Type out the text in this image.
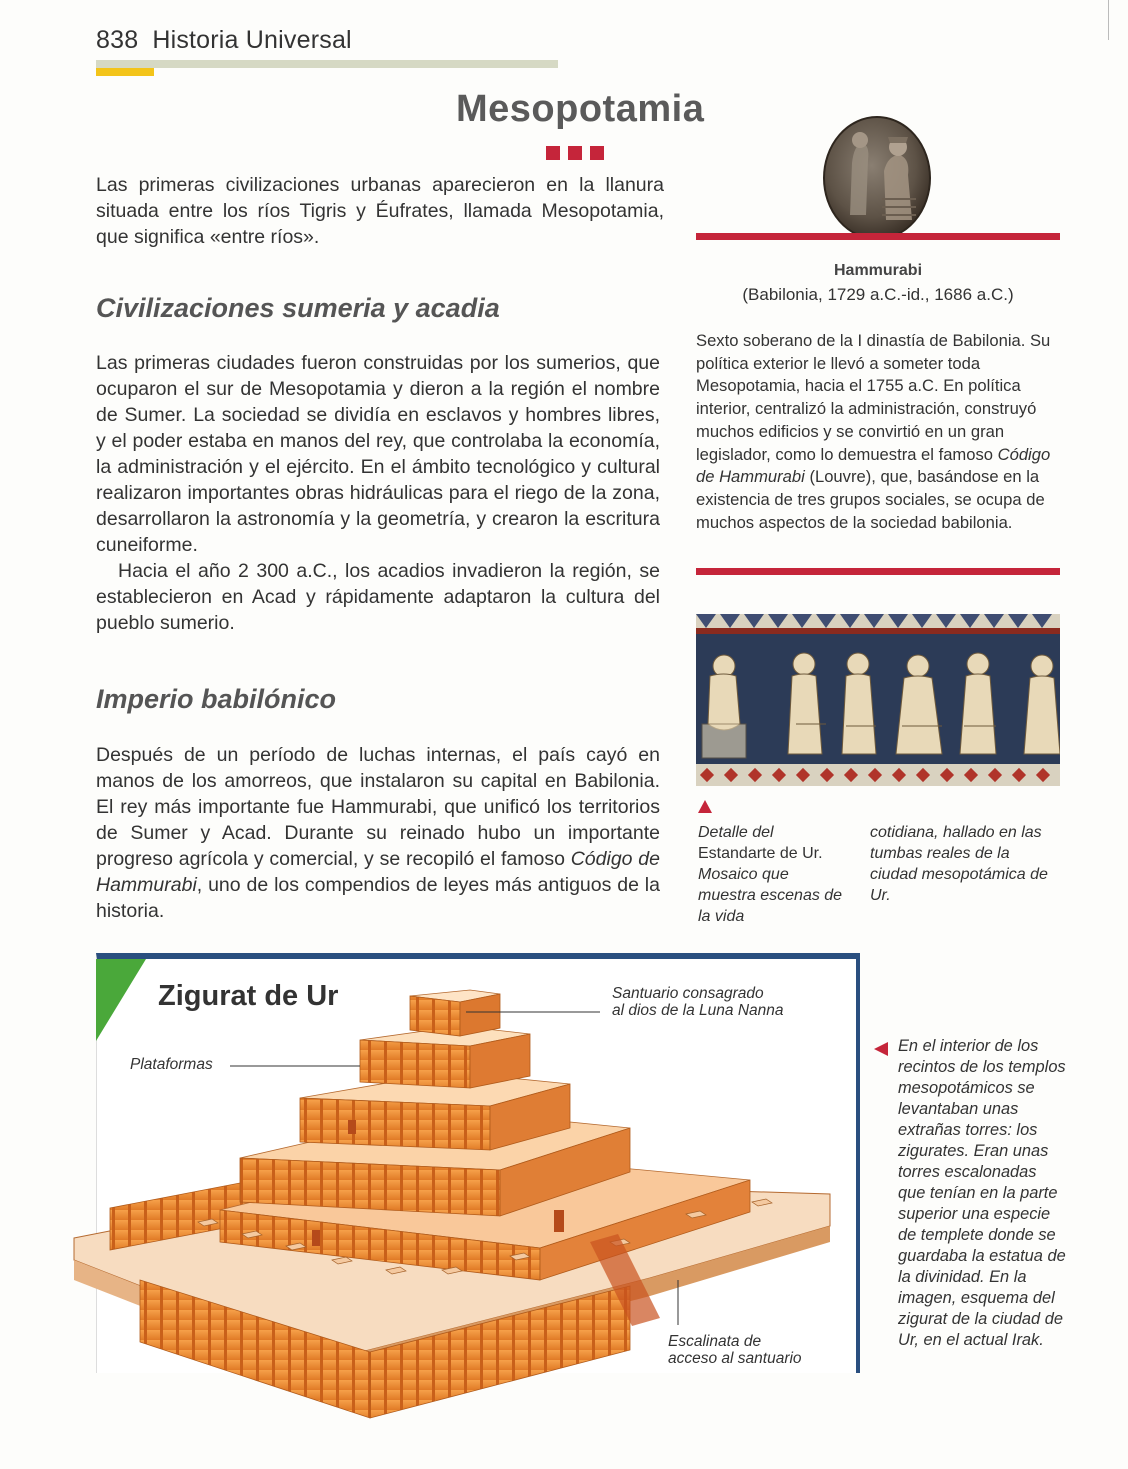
838 Historia Universal
Mesopotamia
Las primeras civilizaciones urbanas aparecieron en la llanura situada entre los ríos Tigris y Éufrates, llamada Mesopotamia, que significa «entre ríos».
Civilizaciones sumeria y acadia

Las primeras ciudades fueron construidas por los sumerios, que ocuparon el sur de Mesopotamia y dieron a la región el nombre de Sumer. La sociedad se dividía en esclavos y hombres libres, y el poder estaba en manos del rey, que controlaba la economía, la administración y el ejército. En el ámbito tecnológico y cultural realizaron importantes obras hidráulicas para el riego de la zona, desarrollaron la astronomía y la geometría, y crearon la escritura cuneiforme.

Hacia el año 2 300 a.C., los acadios invadieron la región, se establecieron en Acad y rápidamente adaptaron la cultura del pueblo sumerio.

Imperio babilónico
Después de un período de luchas internas, el país cayó en manos de los amorreos, que instalaron su capital en Babilonia. El rey más importante fue Hammurabi, que unificó los territorios de Sumer y Acad. Durante su reinado hubo un importante progreso agrícola y comercial, y se recopiló el famoso Código de Hammurabi, uno de los compendios de leyes más antiguos de la historia.
Hammurabi
(Babilonia, 1729 a.C.-id., 1686 a.C.)
Sexto soberano de la I dinastía de Babilonia. Su política exterior le llevó a someter toda Mesopotamia, hacia el 1755 a.C. En política interior, centralizó la administración, construyó muchos edificios y se convirtió en un gran legislador, como lo demuestra el famoso Código de Hammurabi (Louvre), que, basándose en la existencia de tres grupos sociales, se ocupa de muchos aspectos de la sociedad babilonia.
Detalle del Estandarte de Ur. Mosaico que muestra escenas de la vida
cotidiana, hallado en las tumbas reales de la ciudad mesopotámica de Ur.
Zigurat de Ur	Santuario consagrado
al dios de la Luna Nanna
Plataformas
Escalinata de
acceso al santuario
En el interior de los recintos de los templos mesopotámicos se levantaban unas extrañas torres: los zigurates. Eran unas torres escalonadas que tenían en la parte superior una especie de templete donde se guardaba la estatua de la divinidad. En la imagen, esquema del zigurat de la ciudad de Ur, en el actual Irak.
